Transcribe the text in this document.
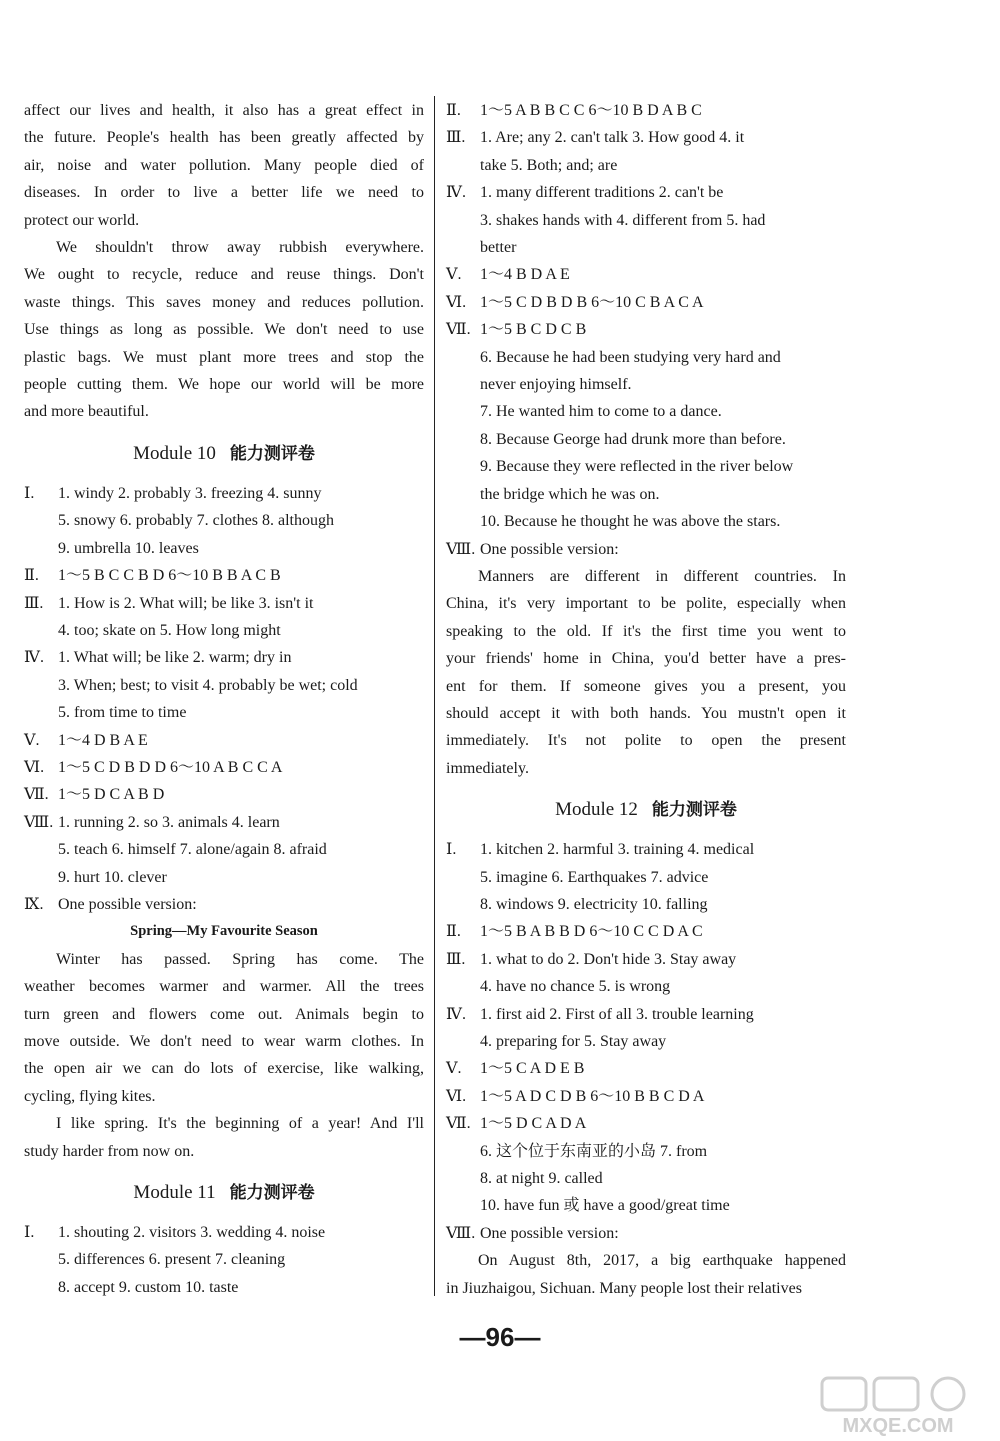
affect our lives and health, it also has a great effect in
the future. People's health has been greatly affected by
air, noise and water pollution. Many people died of
diseases. In order to live a better life we need to
protect our world.
We shouldn't throw away rubbish everywhere.
We ought to recycle, reduce and reuse things. Don't
waste things. This saves money and reduces pollution.
Use things as long as possible. We don't need to use
plastic bags. We must plant more trees and stop the
people cutting them. We hope our world will be more
and more beautiful.
Module 10 能力测评卷
Ⅰ.	1. windy 2. probably 3. freezing 4. sunny
5. snowy 6. probably 7. clothes 8. although
9. umbrella 10. leaves
Ⅱ.	1～5 B C C B D 6～10 B B A C B
Ⅲ. 1. How is 2. What will; be like 3. isn't it
4. too; skate on 5. How long might
Ⅳ. 1. What will; be like 2. warm; dry in
3. When; best; to visit 4. probably be wet; cold
5. from time to time
Ⅴ.	1～4 D B A E
Ⅵ. 1～5 C D B D D 6～10 A B C C A
Ⅶ. 1～5 D C A B D
Ⅷ. 1. running 2. so 3. animals 4. learn
5. teach 6. himself 7. alone/again 8. afraid
9. hurt 10. clever
Ⅸ. One possible version:
Spring—My Favourite Season
Winter has passed. Spring has come. The
weather becomes warmer and warmer. All the trees
turn green and flowers come out. Animals begin to
move outside. We don't need to wear warm clothes. In
the open air we can do lots of exercise, like walking,
cycling, flying kites.
I like spring. It's the beginning of a year! And I'll
study harder from now on.
Module 11 能力测评卷
Ⅰ.	1. shouting 2. visitors 3. wedding 4. noise
5. differences 6. present 7. cleaning
8. accept 9. custom 10. taste
Ⅱ.	1～5 A B B C C 6～10 B D A B C
Ⅲ. 1. Are; any 2. can't talk 3. How good 4. it
take 5. Both; and; are
Ⅳ. 1. many different traditions 2. can't be
3. shakes hands with 4. different from 5. had
better
Ⅴ.	1～4 B D A E
Ⅵ. 1～5 C D B D B 6～10 C B A C A
Ⅶ. 1～5 B C D C B
6. Because he had been studying very hard and
never enjoying himself.
7. He wanted him to come to a dance.
8. Because George had drunk more than before.
9. Because they were reflected in the river below
the bridge which he was on.
10. Because he thought he was above the stars.
Ⅷ. One possible version:
Manners are different in different countries. In
China, it's very important to be polite, especially when
speaking to the old. If it's the first time you went to
your friends' home in China, you'd better have a pres-
ent for them. If someone gives you a present, you
should accept it with both hands. You mustn't open it
immediately. It's not polite to open the present
immediately.
Module 12 能力测评卷
Ⅰ.	1. kitchen 2. harmful 3. training 4. medical
5. imagine 6. Earthquakes 7. advice
8. windows 9. electricity 10. falling
Ⅱ.	1～5 B A B B D 6～10 C C D A C
Ⅲ. 1. what to do 2. Don't hide 3. Stay away
4. have no chance 5. is wrong
Ⅳ. 1. first aid 2. First of all 3. trouble learning
4. preparing for 5. Stay away
Ⅴ.	1～5 C A D E B
Ⅵ. 1～5 A D C D B 6～10 B B C D A
Ⅶ. 1～5 D C A D A
6. 这个位于东南亚的小岛 7. from
8. at night 9. called
10. have fun 或 have a good/great time
Ⅷ. One possible version:
On August 8th, 2017, a big earthquake happened
in Jiuzhaigou, Sichuan. Many people lost their relatives
—96—
MXQE.COM
